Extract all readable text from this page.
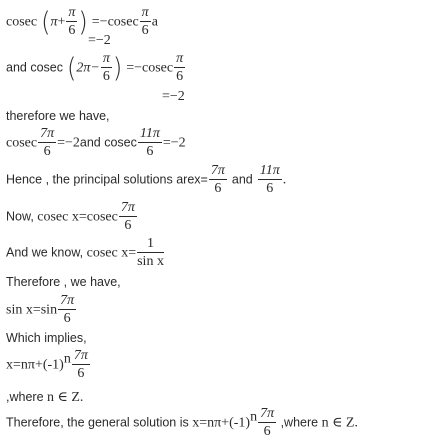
cosec ($\pi+ \frac{\pi}{6}$ ) $=-cosec \frac{\pi}{6}$ a
=−2
and cosec ($2\pi- \frac{\pi}{6}$ ) $=-cosec \frac{\pi}{6}$
=−2
therefore we have,
cosec $\frac{7\pi}{6} =-2and$ cosec $\frac{11\pi}{6} =-2$
Hence , the principal solutions arex= $\frac{7\pi}{6}$ and $\frac{11\pi}{6}$ .
Now, cosec $x=cosec \frac{7\pi}{6}$
And we know, cosec $x= \frac{1}{\text{sin x}}$
Therefore , we have,
$\sin x=\sin \frac{7\pi}{6}$
Which implies,
$x=n\pi+(-1)^n \frac{7\pi}{6}$
,where n ∈ Z.
Therefore, the general solution is $x=n\pi+(-1)^n \frac{7\pi}{6}$ ,where n ∈ Z.
